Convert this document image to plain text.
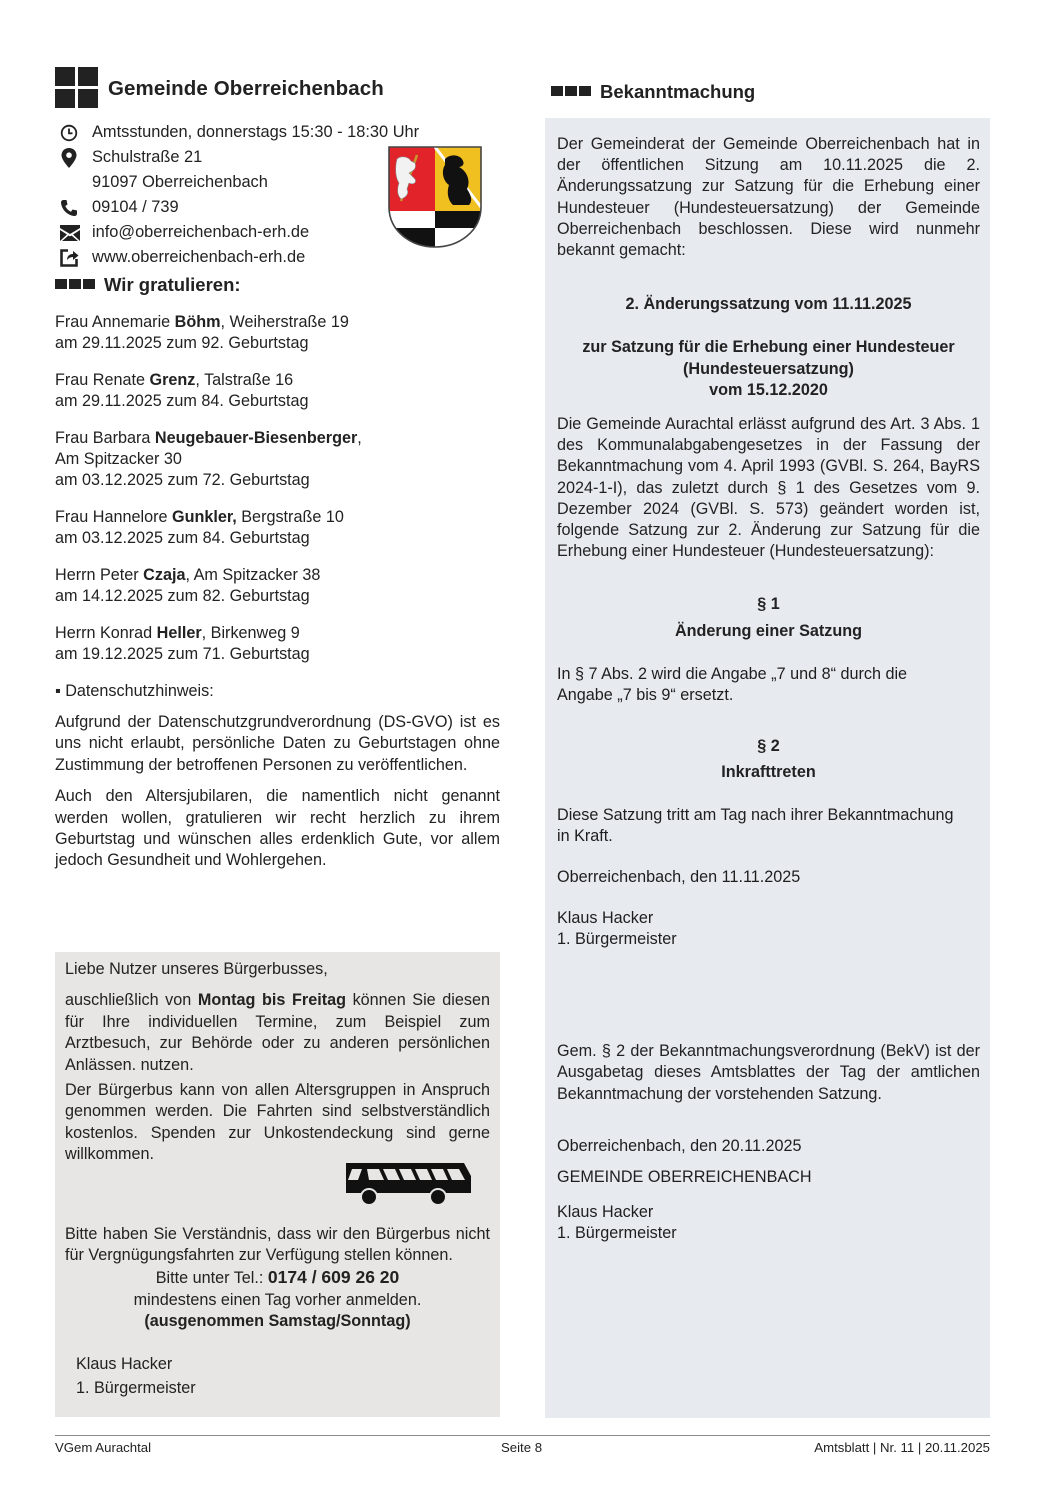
Gemeinde Oberreichenbach
Amtsstunden, donnerstags 15:30 - 18:30 Uhr
Schulstraße 21
91097 Oberreichenbach
09104 / 739
info@oberreichenbach-erh.de
www.oberreichenbach-erh.de
Wir gratulieren:
Frau Annemarie Böhm, Weiherstraße 19
am 29.11.2025 zum 92. Geburtstag
Frau Renate Grenz, Talstraße 16
am 29.11.2025 zum 84. Geburtstag
Frau Barbara Neugebauer-Biesenberger,
Am Spitzacker 30
am 03.12.2025 zum 72. Geburtstag
Frau Hannelore Gunkler, Bergstraße 10
am 03.12.2025 zum 84. Geburtstag
Herrn Peter Czaja, Am Spitzacker 38
am 14.12.2025 zum 82. Geburtstag
Herrn Konrad Heller, Birkenweg 9
am 19.12.2025 zum 71. Geburtstag
▪ Datenschutzhinweis:

Aufgrund der Datenschutzgrundverordnung (DS-GVO) ist es uns nicht erlaubt, persönliche Daten zu Geburtstagen ohne Zustimmung der betroffenen Personen zu veröffentlichen.

Auch den Altersjubilaren, die namentlich nicht genannt werden wollen, gratulieren wir recht herzlich zu ihrem Geburtstag und wünschen alles erdenklich Gute, vor allem jedoch Gesundheit und Wohlergehen.

Liebe Nutzer unseres Bürgerbusses,

auschließlich von Montag bis Freitag können Sie diesen für Ihre individuellen Termine, zum Beispiel zum Arztbesuch, zur Behörde oder zu anderen persönlichen Anlässen. nutzen.

Der Bürgerbus kann von allen Altersgruppen in Anspruch genommen werden. Die Fahrten sind selbstverständlich kostenlos. Spenden zur Unkostendeckung sind gerne willkommen.

Bitte haben Sie Verständnis, dass wir den Bürgerbus nicht für Vergnügungsfahrten zur Verfügung stellen können.

Bitte unter Tel.: 0174 / 609 26 20

mindestens einen Tag vorher anmelden.

(ausgenommen Samstag/Sonntag)

Klaus Hacker

1. Bürgermeister

Bekanntmachung

Der Gemeinderat der Gemeinde Oberreichenbach hat in der öffentlichen Sitzung am 10.11.2025 die 2. Änderungssatzung zur Satzung für die Erhebung einer Hundesteuer (Hundesteuersatzung) der Gemeinde Oberreichenbach beschlossen. Diese wird nunmehr bekannt gemacht:

2. Änderungssatzung vom 11.11.2025

zur Satzung für die Erhebung einer Hundesteuer

(Hundesteuersatzung)

vom 15.12.2020

Die Gemeinde Aurachtal erlässt aufgrund des Art. 3 Abs. 1 des Kommunalabgabengesetzes in der Fassung der Bekanntmachung vom 4. April 1993 (GVBl. S. 264, BayRS 2024-1-I), das zuletzt durch § 1 des Gesetzes vom 9. Dezember 2024 (GVBl. S. 573) geändert worden ist, folgende Satzung zur 2. Änderung zur Satzung für die Erhebung einer Hundesteuer (Hundesteuersatzung):

§ 1

Änderung einer Satzung

In § 7 Abs. 2 wird die Angabe „7 und 8“ durch die Angabe „7 bis 9“ ersetzt.

§ 2

Inkrafttreten

Diese Satzung tritt am Tag nach ihrer Bekanntmachung in Kraft.

Oberreichenbach, den 11.11.2025

Klaus Hacker

1. Bürgermeister

Gem. § 2 der Bekanntmachungsverordnung (BekV) ist der Ausgabetag dieses Amtsblattes der Tag der amtlichen Bekanntmachung der vorstehenden Satzung.

Oberreichenbach, den 20.11.2025

GEMEINDE OBERREICHENBACH

Klaus Hacker

1. Bürgermeister

VGem Aurachtal	Seite 8	Amtsblatt | Nr. 11 | 20.11.2025
